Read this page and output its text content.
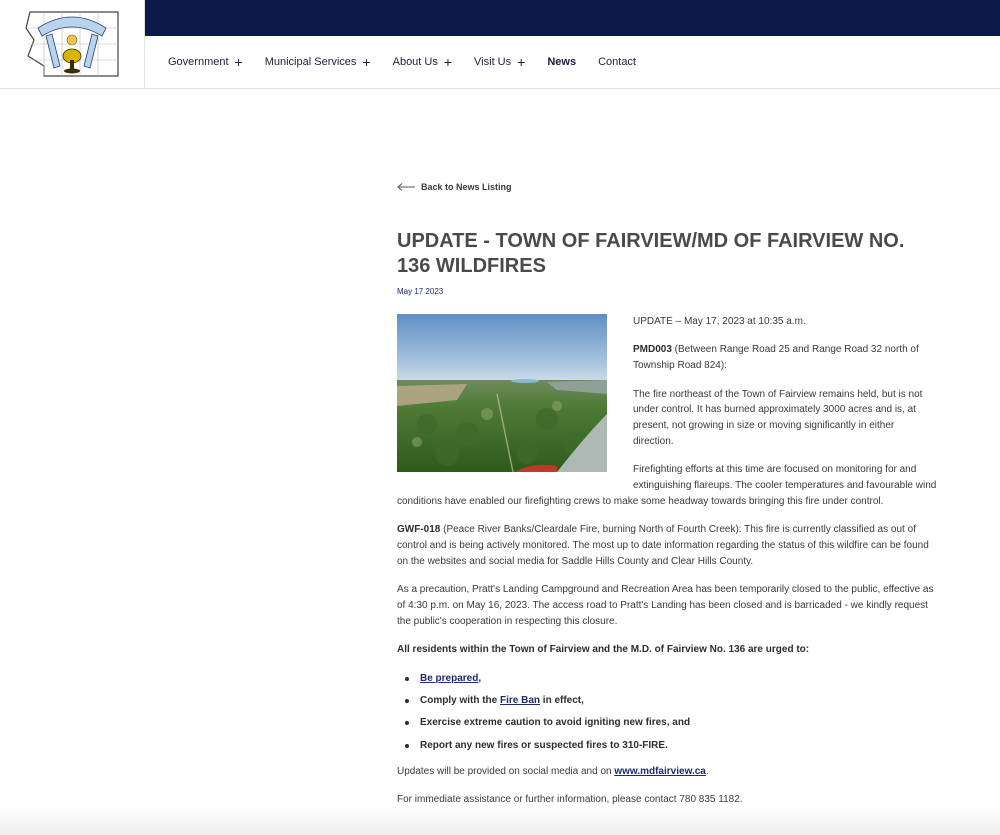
Government + Municipal Services + About Us + Visit Us + News Contact
Back to News Listing
UPDATE - TOWN OF FAIRVIEW/MD OF FAIRVIEW NO. 136 WILDFIRES
May 17 2023

UPDATE – May 17, 2023 at 10:35 a.m.

PMD003 (Between Range Road 25 and Range Road 32 north of Township Road 824):

The fire northeast of the Town of Fairview remains held, but is not under control. It has burned approximately 3000 acres and is, at present, not growing in size or moving significantly in either direction.

Firefighting efforts at this time are focused on monitoring for and extinguishing flareups. The cooler temperatures and favourable wind conditions have enabled our firefighting crews to make some headway towards bringing this fire under control.

GWF-018 (Peace River Banks/Cleardale Fire, burning North of Fourth Creek): This fire is currently classified as out of control and is being actively monitored. The most up to date information regarding the status of this wildfire can be found on the websites and social media for Saddle Hills County and Clear Hills County.

As a precaution, Pratt's Landing Campground and Recreation Area has been temporarily closed to the public, effective as of 4:30 p.m. on May 16, 2023. The access road to Pratt's Landing has been closed and is barricaded - we kindly request the public's cooperation in respecting this closure.

All residents within the Town of Fairview and the M.D. of Fairview No. 136 are urged to:

Be prepared,
Comply with the Fire Ban in effect,
Exercise extreme caution to avoid igniting new fires, and
Report any new fires or suspected fires to 310-FIRE.

Updates will be provided on social media and on www.mdfairview.ca.

For immediate assistance or further information, please contact 780 835 1182.
